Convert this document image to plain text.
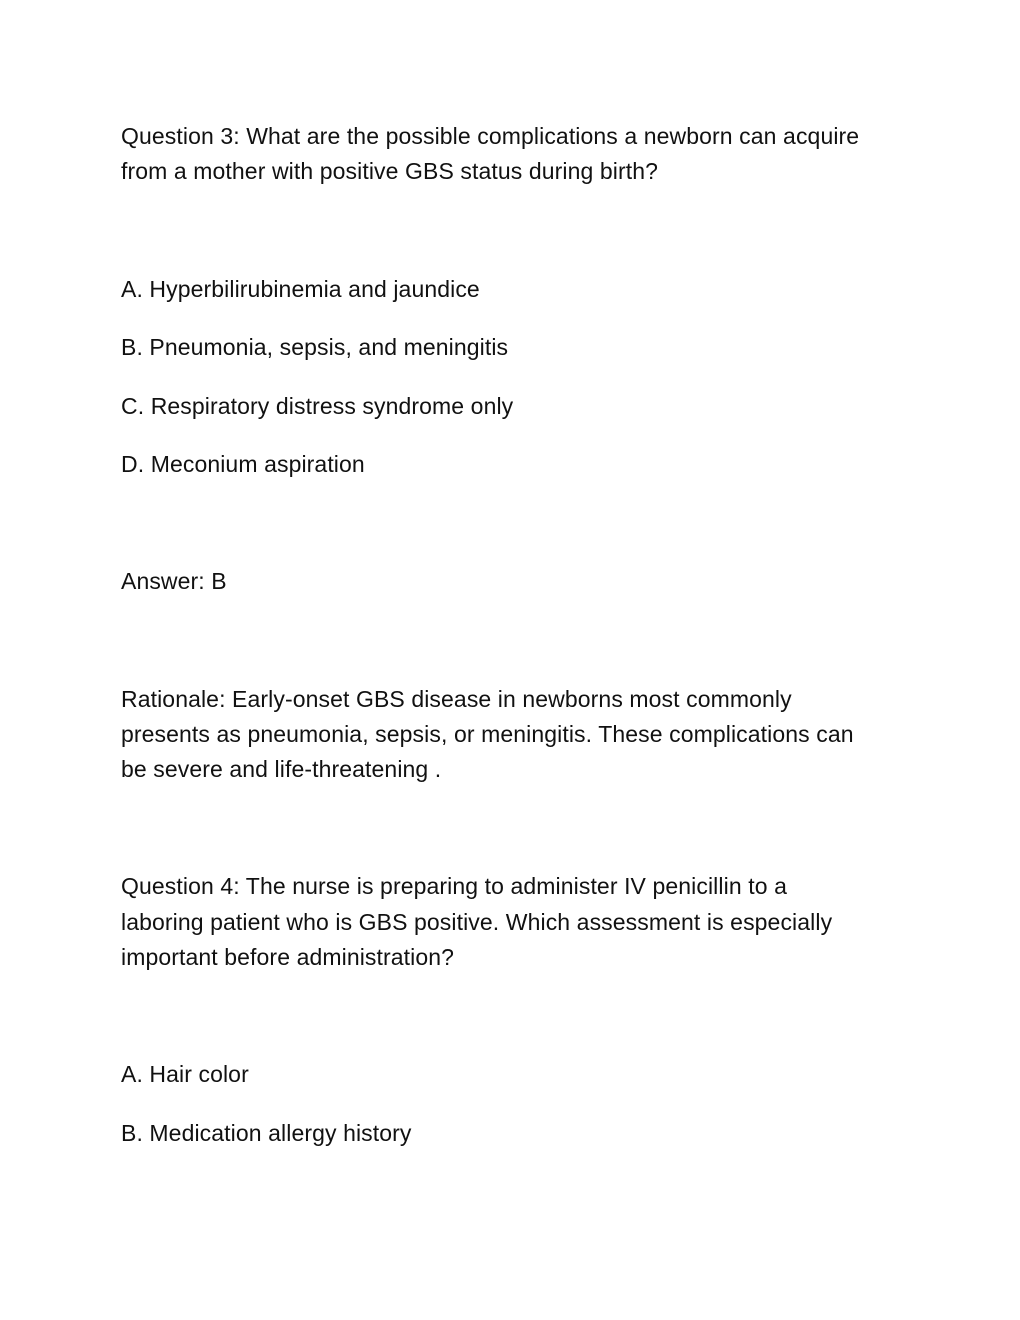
Question 3: What are the possible complications a newborn can acquire
from a mother with positive GBS status during birth?
A. Hyperbilirubinemia and jaundice
B. Pneumonia, sepsis, and meningitis
C. Respiratory distress syndrome only
D. Meconium aspiration
Answer: B
Rationale: Early-onset GBS disease in newborns most commonly
presents as pneumonia, sepsis, or meningitis. These complications can
be severe and life-threatening .
Question 4: The nurse is preparing to administer IV penicillin to a
laboring patient who is GBS positive. Which assessment is especially
important before administration?
A. Hair color
B. Medication allergy history
